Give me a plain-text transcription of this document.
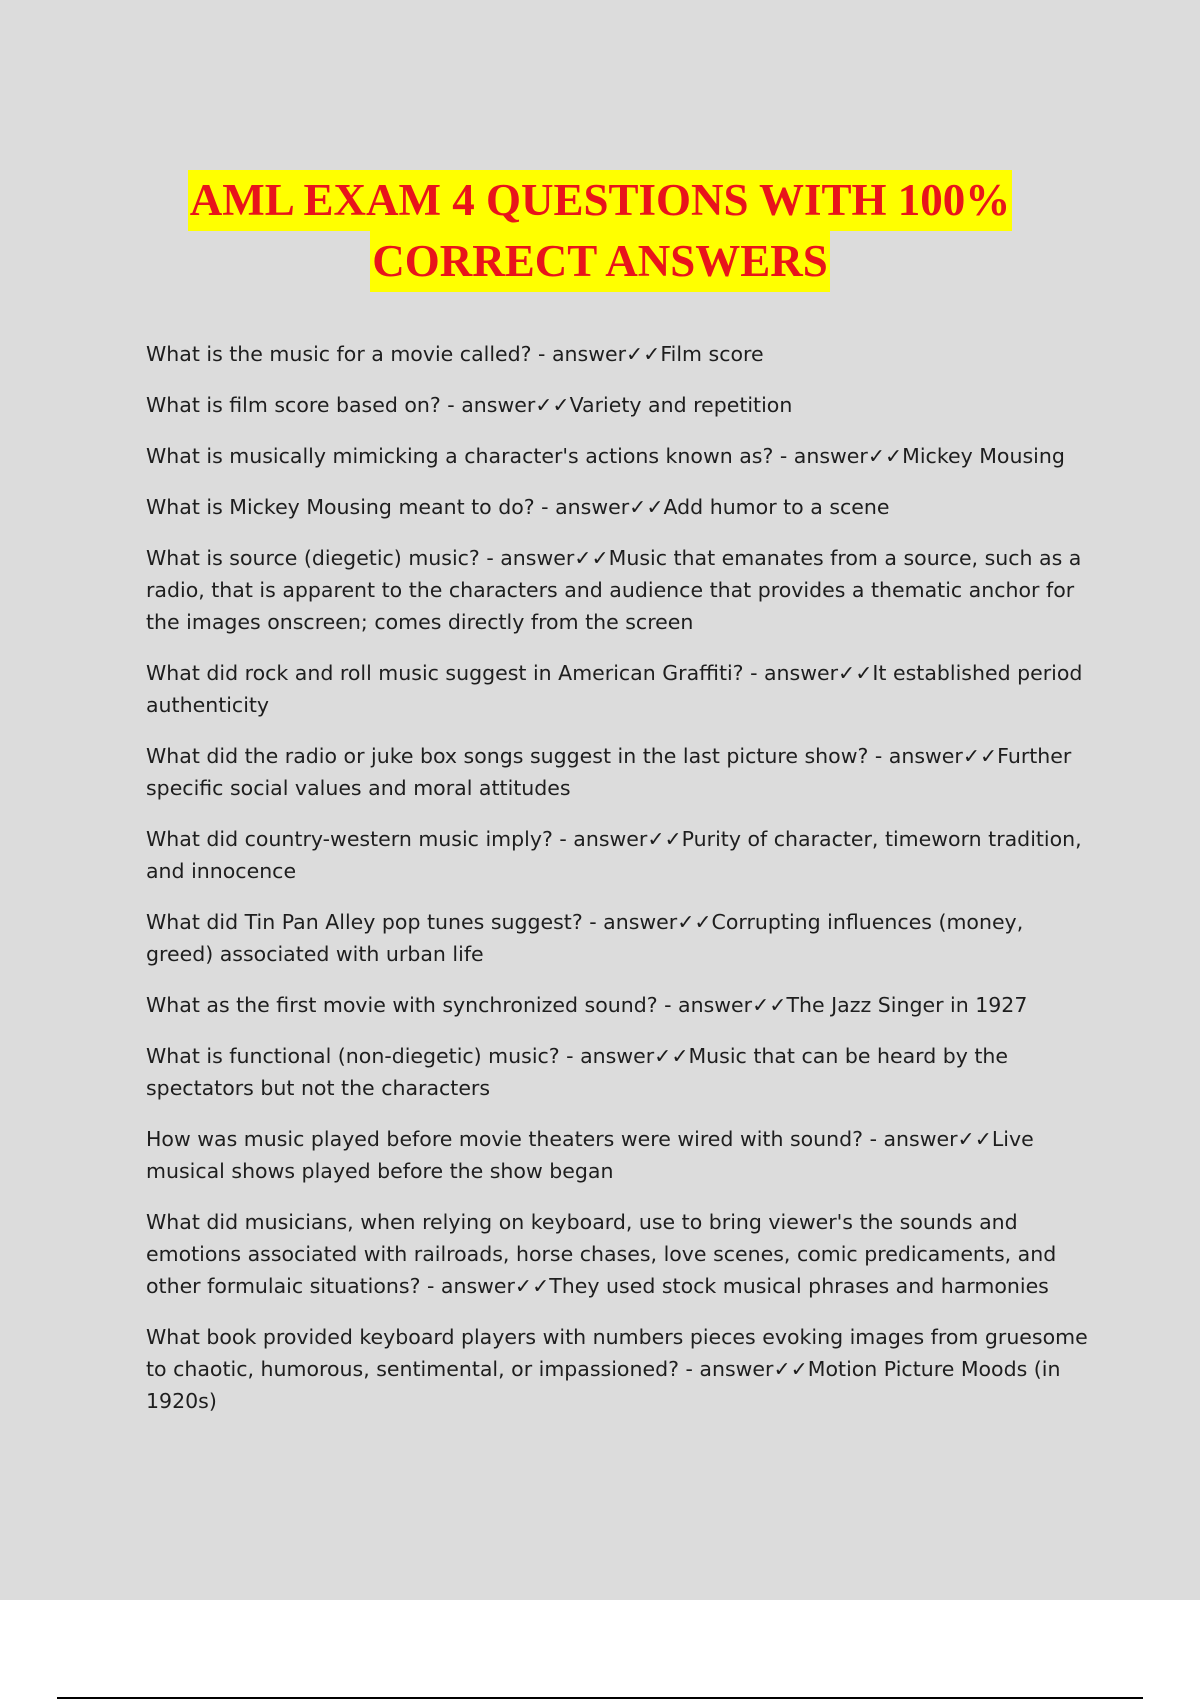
AML EXAM 4 QUESTIONS WITH 100%
CORRECT ANSWERS

What is the music for a movie called? - answer✓✓Film score

What is film score based on? - answer✓✓Variety and repetition

What is musically mimicking a character's actions known as? - answer✓✓Mickey Mousing

What is Mickey Mousing meant to do? - answer✓✓Add humor to a scene

What is source (diegetic) music? - answer✓✓Music that emanates from a source, such as a radio, that is apparent to the characters and audience that provides a thematic anchor for the images onscreen; comes directly from the screen

What did rock and roll music suggest in American Graffiti? - answer✓✓It established period authenticity

What did the radio or juke box songs suggest in the last picture show? - answer✓✓Further specific social values and moral attitudes

What did country-western music imply? - answer✓✓Purity of character, timeworn tradition, and innocence

What did Tin Pan Alley pop tunes suggest? - answer✓✓Corrupting influences (money, greed) associated with urban life

What as the first movie with synchronized sound? - answer✓✓The Jazz Singer in 1927

What is functional (non-diegetic) music? - answer✓✓Music that can be heard by the spectators but not the characters

How was music played before movie theaters were wired with sound? - answer✓✓Live musical shows played before the show began

What did musicians, when relying on keyboard, use to bring viewer's the sounds and emotions associated with railroads, horse chases, love scenes, comic predicaments, and other formulaic situations? - answer✓✓They used stock musical phrases and harmonies

What book provided keyboard players with numbers pieces evoking images from gruesome to chaotic, humorous, sentimental, or impassioned? - answer✓✓Motion Picture Moods (in 1920s)
